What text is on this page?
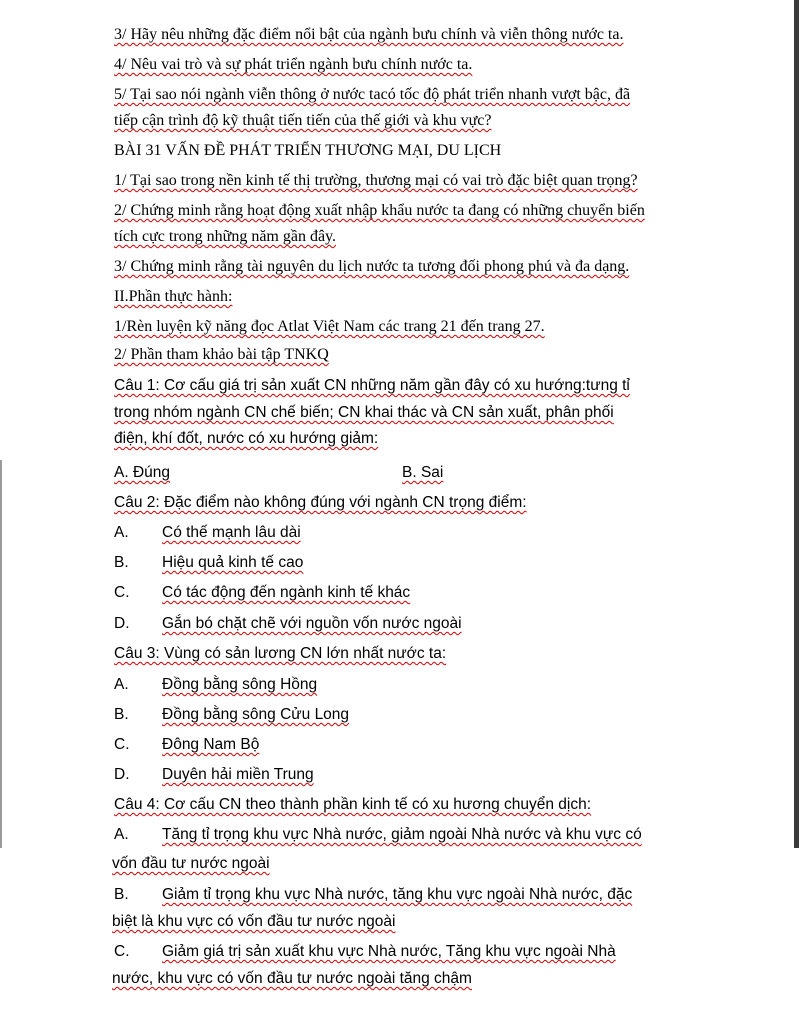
3/ Hãy nêu những đặc điểm nổi bật của ngành bưu chính và viễn thông nước ta.
4/ Nêu vai trò và sự phát triển ngành bưu chính nước ta.
5/ Tại sao nói ngành viễn thông ở nước tacó tốc độ phát triển nhanh vượt bậc, đã
tiếp cận trình độ kỹ thuật tiến tiến của thế giới và khu vực?
BÀI 31 VẤN ĐỀ PHÁT TRIỂN THƯƠNG MẠI, DU LỊCH
1/ Tại sao trong nền kinh tế thị trường, thương mại có vai trò đặc biệt quan trọng?
2/ Chứng minh rằng hoạt động xuất nhập khẩu nước ta đang có những chuyển biến
tích cực trong những năm gần đây.
3/ Chứng minh rằng tài nguyên du lịch nước ta tương đối phong phú và đa dạng.
II.Phần thực hành:
1/Rèn luyện kỹ năng đọc Atlat Việt Nam các trang 21 đến trang 27.
2/ Phần tham khảo bài tập TNKQ
Câu 1: Cơ cấu giá trị sản xuất CN những năm gần đây có xu hướng:tưng tỉ
trong nhóm ngành CN chế biến; CN khai thác và CN sản xuất, phân phối
điện, khí đốt, nước có xu hướng giảm:
A. Đúng	B. Sai
Câu 2: Đặc điểm nào không đúng với ngành CN trọng điểm:
A. Có thế mạnh lâu dài
B. Hiệu quả kinh tế cao
C. Có tác động đến ngành kinh tế khác
D. Gắn bó chặt chẽ với nguồn vốn nước ngoài
Câu 3: Vùng có sản lương CN lớn nhất nước ta:
A. Đồng bằng sông Hồng
B. Đồng bằng sông Cửu Long
C. Đông Nam Bộ
D. Duyên hải miền Trung
Câu 4: Cơ cấu CN theo thành phần kinh tế có xu hương chuyển dịch:
A. Tăng tỉ trọng khu vực Nhà nước, giảm ngoài Nhà nước và khu vực có
vốn đầu tư nước ngoài
B. Giảm tỉ trọng khu vực Nhà nước, tăng khu vực ngoài Nhà nước, đặc
biệt là khu vực có vốn đầu tư nước ngoài
C. Giảm giá trị sản xuất khu vực Nhà nước, Tăng khu vực ngoài Nhà
nước, khu vực có vốn đầu tư nước ngoài tăng chậm
